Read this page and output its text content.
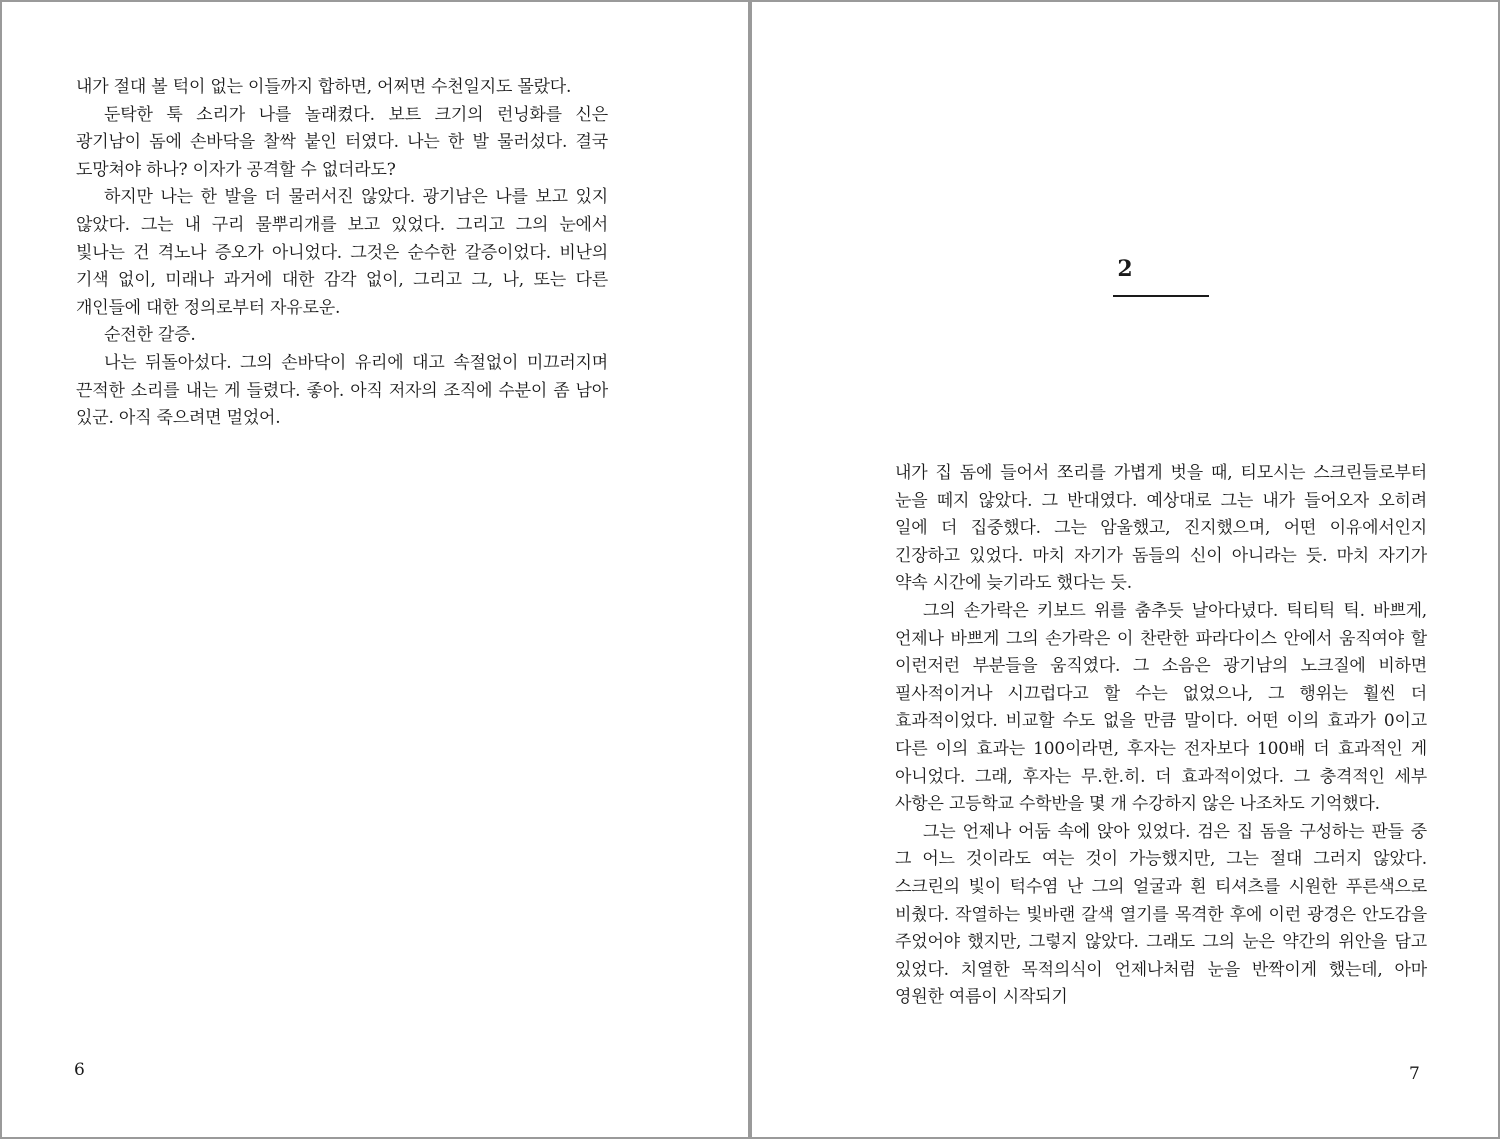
내가 절대 볼 턱이 없는 이들까지 합하면, 어쩌면 수천일지도 몰랐다.

둔탁한 툭 소리가 나를 놀래켰다. 보트 크기의 런닝화를 신은 광기남이 돔에 손바닥을 찰싹 붙인 터였다. 나는 한 발 물러섰다. 결국 도망쳐야 하나? 이자가 공격할 수 없더라도?

하지만 나는 한 발을 더 물러서진 않았다. 광기남은 나를 보고 있지 않았다. 그는 내 구리 물뿌리개를 보고 있었다. 그리고 그의 눈에서 빛나는 건 격노나 증오가 아니었다. 그것은 순수한 갈증이었다. 비난의 기색 없이, 미래나 과거에 대한 감각 없이, 그리고 그, 나, 또는 다른 개인들에 대한 정의로부터 자유로운.

순전한 갈증.

나는 뒤돌아섰다. 그의 손바닥이 유리에 대고 속절없이 미끄러지며 끈적한 소리를 내는 게 들렸다. 좋아. 아직 저자의 조직에 수분이 좀 남아 있군. 아직 죽으려면 멀었어.

6
2

내가 집 돔에 들어서 쪼리를 가볍게 벗을 때, 티모시는 스크린들로부터 눈을 떼지 않았다. 그 반대였다. 예상대로 그는 내가 들어오자 오히려 일에 더 집중했다. 그는 암울했고, 진지했으며, 어떤 이유에서인지 긴장하고 있었다. 마치 자기가 돔들의 신이 아니라는 듯. 마치 자기가 약속 시간에 늦기라도 했다는 듯.

그의 손가락은 키보드 위를 춤추듯 날아다녔다. 틱티틱 틱. 바쁘게, 언제나 바쁘게 그의 손가락은 이 찬란한 파라다이스 안에서 움직여야 할 이런저런 부분들을 움직였다. 그 소음은 광기남의 노크질에 비하면 필사적이거나 시끄럽다고 할 수는 없었으나, 그 행위는 훨씬 더 효과적이었다. 비교할 수도 없을 만큼 말이다. 어떤 이의 효과가 0이고 다른 이의 효과는 100이라면, 후자는 전자보다 100배 더 효과적인 게 아니었다. 그래, 후자는 무.한.히. 더 효과적이었다. 그 충격적인 세부 사항은 고등학교 수학반을 몇 개 수강하지 않은 나조차도 기억했다.

그는 언제나 어둠 속에 앉아 있었다. 검은 집 돔을 구성하는 판들 중 그 어느 것이라도 여는 것이 가능했지만, 그는 절대 그러지 않았다. 스크린의 빛이 턱수염 난 그의 얼굴과 흰 티셔츠를 시원한 푸른색으로 비췄다. 작열하는 빛바랜 갈색 열기를 목격한 후에 이런 광경은 안도감을 주었어야 했지만, 그렇지 않았다. 그래도 그의 눈은 약간의 위안을 담고 있었다. 치열한 목적의식이 언제나처럼 눈을 반짝이게 했는데, 아마 영원한 여름이 시작되기

7
